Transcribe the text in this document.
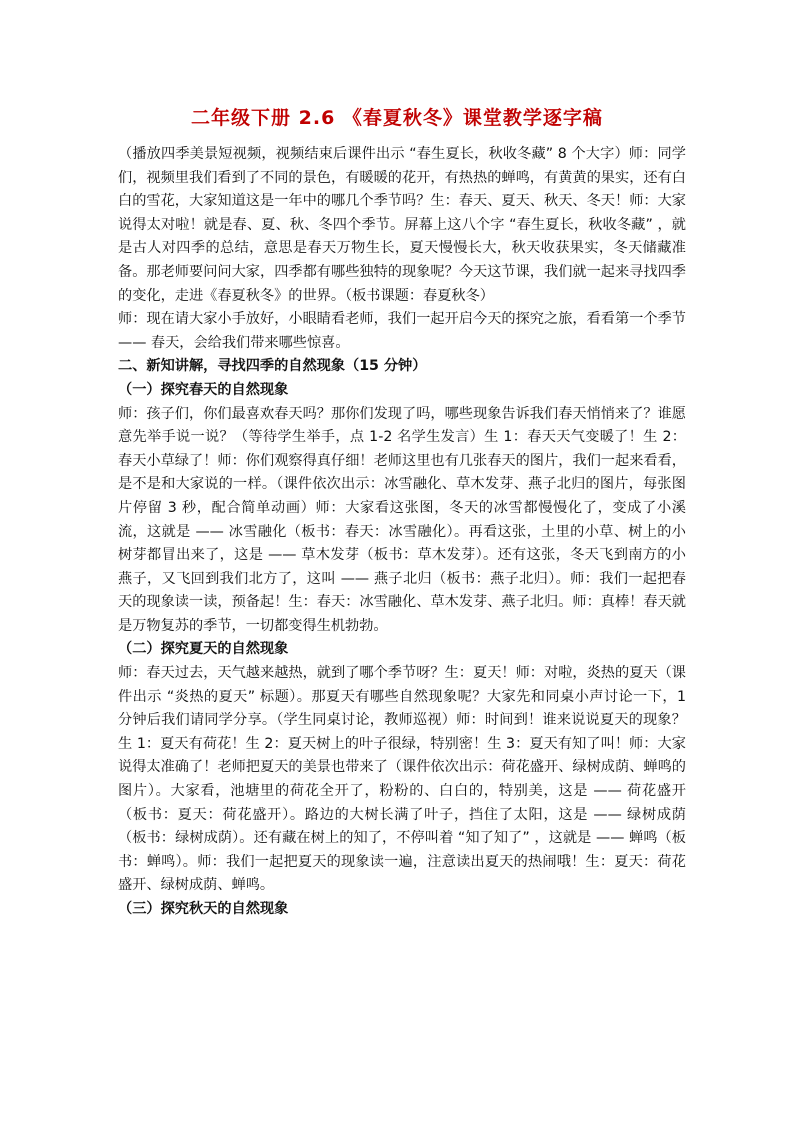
二年级下册 2.6 《春夏秋冬》课堂教学逐字稿

（播放四季美景短视频，视频结束后课件出示 “春生夏长，秋收冬藏” 8 个大字）师：同学们，视频里我们看到了不同的景色，有暖暖的花开，有热热的蝉鸣，有黄黄的果实，还有白白的雪花，大家知道这是一年中的哪几个季节吗？生：春天、夏天、秋天、冬天！师：大家说得太对啦！就是春、夏、秋、冬四个季节。屏幕上这八个字 “春生夏长，秋收冬藏” ，就是古人对四季的总结，意思是春天万物生长，夏天慢慢长大，秋天收获果实，冬天储藏准备。那老师要问问大家，四季都有哪些独特的现象呢？今天这节课，我们就一起来寻找四季的变化，走进《春夏秋冬》的世界。（板书课题：春夏秋冬）

师：现在请大家小手放好，小眼睛看老师，我们一起开启今天的探究之旅，看看第一个季节 —— 春天，会给我们带来哪些惊喜。

二、新知讲解，寻找四季的自然现象（15 分钟）

（一）探究春天的自然现象

师：孩子们，你们最喜欢春天吗？那你们发现了吗，哪些现象告诉我们春天悄悄来了？谁愿意先举手说一说？（等待学生举手，点 1-2 名学生发言）生 1：春天天气变暖了！生 2：春天小草绿了！师：你们观察得真仔细！老师这里也有几张春天的图片，我们一起来看看，是不是和大家说的一样。（课件依次出示：冰雪融化、草木发芽、燕子北归的图片，每张图片停留 3 秒，配合简单动画）师：大家看这张图，冬天的冰雪都慢慢化了，变成了小溪流，这就是 —— 冰雪融化（板书：春天：冰雪融化）。再看这张，土里的小草、树上的小树芽都冒出来了，这是 —— 草木发芽（板书：草木发芽）。还有这张，冬天飞到南方的小燕子，又飞回到我们北方了，这叫 —— 燕子北归（板书：燕子北归）。师：我们一起把春天的现象读一读，预备起！生：春天：冰雪融化、草木发芽、燕子北归。师：真棒！春天就是万物复苏的季节，一切都变得生机勃勃。

（二）探究夏天的自然现象

师：春天过去，天气越来越热，就到了哪个季节呀？生：夏天！师：对啦，炎热的夏天（课件出示 “炎热的夏天” 标题）。那夏天有哪些自然现象呢？大家先和同桌小声讨论一下，1 分钟后我们请同学分享。（学生同桌讨论，教师巡视）师：时间到！谁来说说夏天的现象？生 1：夏天有荷花！生 2：夏天树上的叶子很绿，特别密！生 3：夏天有知了叫！师：大家说得太准确了！老师把夏天的美景也带来了（课件依次出示：荷花盛开、绿树成荫、蝉鸣的图片）。大家看，池塘里的荷花全开了，粉粉的、白白的，特别美，这是 —— 荷花盛开（板书：夏天：荷花盛开）。路边的大树长满了叶子，挡住了太阳，这是 —— 绿树成荫（板书：绿树成荫）。还有藏在树上的知了，不停叫着 “知了知了” ，这就是 —— 蝉鸣（板书：蝉鸣）。师：我们一起把夏天的现象读一遍，注意读出夏天的热闹哦！生：夏天：荷花盛开、绿树成荫、蝉鸣。

（三）探究秋天的自然现象
